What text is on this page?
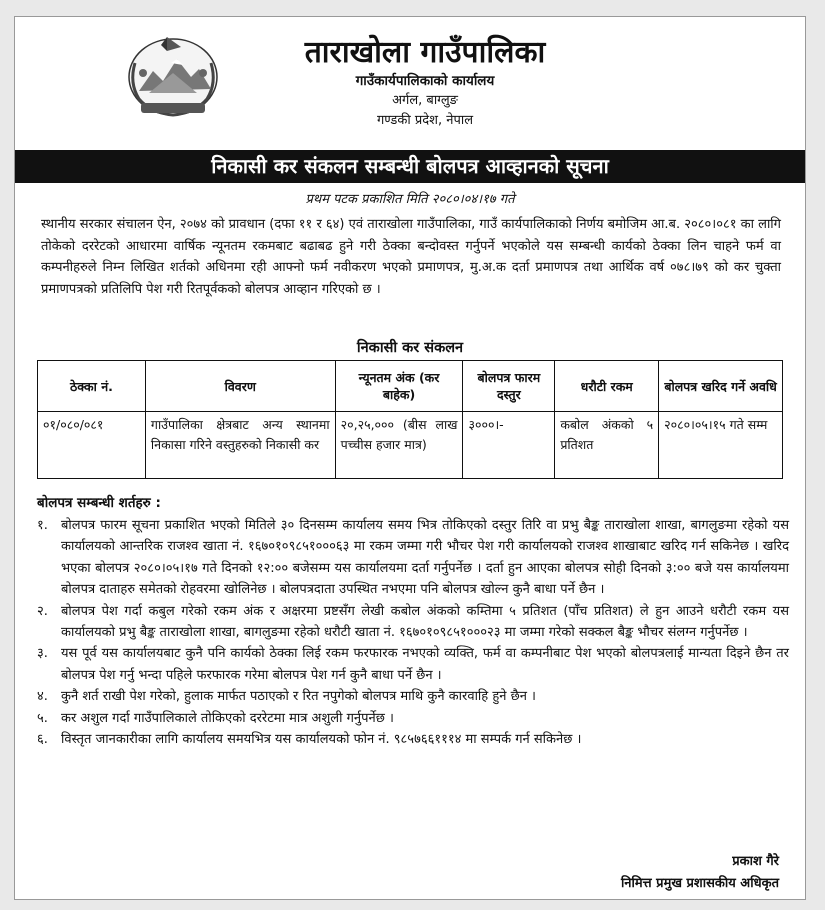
ताराखोला गाउँपालिका
गाउँकार्यपालिकाको कार्यालय
अर्गल, बाग्लुङ
गण्डकी प्रदेश, नेपाल
निकासी कर संकलन सम्बन्धी बोलपत्र आव्हानको सूचना
प्रथम पटक प्रकाशित मिति २०८०।०४।१७ गते
स्थानीय सरकार संचालन ऐन, २०७४ को प्रावधान (दफा ११ र ६४) एवं ताराखोला गाउँपालिका, गाउँ कार्यपालिकाको निर्णय बमोजिम आ.ब. २०८०।०८१ का लागि तोकेको दररेटको आधारमा वार्षिक न्यूनतम रकमबाट बढाबढ हुने गरी ठेक्का बन्दोवस्त गर्नुपर्ने भएकोले यस सम्बन्धी कार्यको ठेक्का लिन चाहने फर्म वा कम्पनीहरुले निम्न लिखित शर्तको अधिनमा रही आफ्नो फर्म नवीकरण भएको प्रमाणपत्र, मु.अ.क दर्ता प्रमाणपत्र तथा आर्थिक वर्ष ०७८।७९ को कर चुक्ता प्रमाणपत्रको प्रतिलिपि पेश गरी रितपूर्वकको बोलपत्र आव्हान गरिएको छ ।
निकासी कर संकलन
ठेक्का नं.	विवरण	न्यूनतम अंक (कर बाहेक)	बोलपत्र फारम दस्तुर	धरौटी रकम	बोलपत्र खरिद गर्ने अवधि
०१/०८०/०८१	गाउँपालिका क्षेत्रबाट अन्य स्थानमा निकासा गरिने वस्तुहरुको निकासी कर	२०,२५,००० (बीस लाख पच्चीस हजार मात्र)	३०००।-	कबोल अंकको ५ प्रतिशत	२०८०।०५।१५ गते सम्म
बोलपत्र सम्बन्धी शर्तहरु :
१.	बोलपत्र फारम सूचना प्रकाशित भएको मितिले ३० दिनसम्म कार्यालय समय भित्र तोकिएको दस्तुर तिरि वा प्रभु बैङ्क ताराखोला शाखा, बागलुङमा रहेको यस कार्यालयको आन्तरिक राजश्व खाता नं. १६७०१०९८५१०००६३ मा रकम जम्मा गरी भौचर पेश गरी कार्यालयको राजश्व शाखाबाट खरिद गर्न सकिनेछ । खरिद भएका बोलपत्र २०८०।०५।१७ गते दिनको १२:०० बजेसम्म यस कार्यालयमा दर्ता गर्नुपर्नेछ । दर्ता हुन आएका बोलपत्र सोही दिनको ३:०० बजे यस कार्यालयमा बोलपत्र दाताहरु समेतको रोहवरमा खोलिनेछ । बोलपत्रदाता उपस्थित नभएमा पनि बोलपत्र खोल्न कुनै बाधा पर्ने छैन ।
२.	बोलपत्र पेश गर्दा कबुल गरेको रकम अंक र अक्षरमा प्रष्टसँग लेखी कबोल अंकको कम्तिमा ५ प्रतिशत (पाँच प्रतिशत) ले हुन आउने धरौटी रकम यस कार्यालयको प्रभु बैङ्क ताराखोला शाखा, बागलुङमा रहेको धरौटी खाता नं. १६७०१०९८५१०००२३ मा जम्मा गरेको सक्कल बैङ्क भौचर संलग्न गर्नुपर्नेछ ।
३.	यस पूर्व यस कार्यालयबाट कुनै पनि कार्यको ठेक्का लिई रकम फरफारक नभएको व्यक्ति, फर्म वा कम्पनीबाट पेश भएको बोलपत्रलाई मान्यता दिइने छैन तर बोलपत्र पेश गर्नु भन्दा पहिले फरफारक गरेमा बोलपत्र पेश गर्न कुनै बाधा पर्ने छैन ।
४.	कुनै शर्त राखी पेश गरेको, हुलाक मार्फत पठाएको र रित नपुगेको बोलपत्र माथि कुनै कारवाहि हुने छैन ।
५.	कर अशुल गर्दा गाउँपालिकाले तोकिएको दररेटमा मात्र अशुली गर्नुपर्नेछ ।
६.	विस्तृत जानकारीका लागि कार्यालय समयभित्र यस कार्यालयको फोन नं. ९८५७६६१११४ मा सम्पर्क गर्न सकिनेछ ।
प्रकाश गैरे
निमित्त प्रमुख प्रशासकीय अधिकृत
